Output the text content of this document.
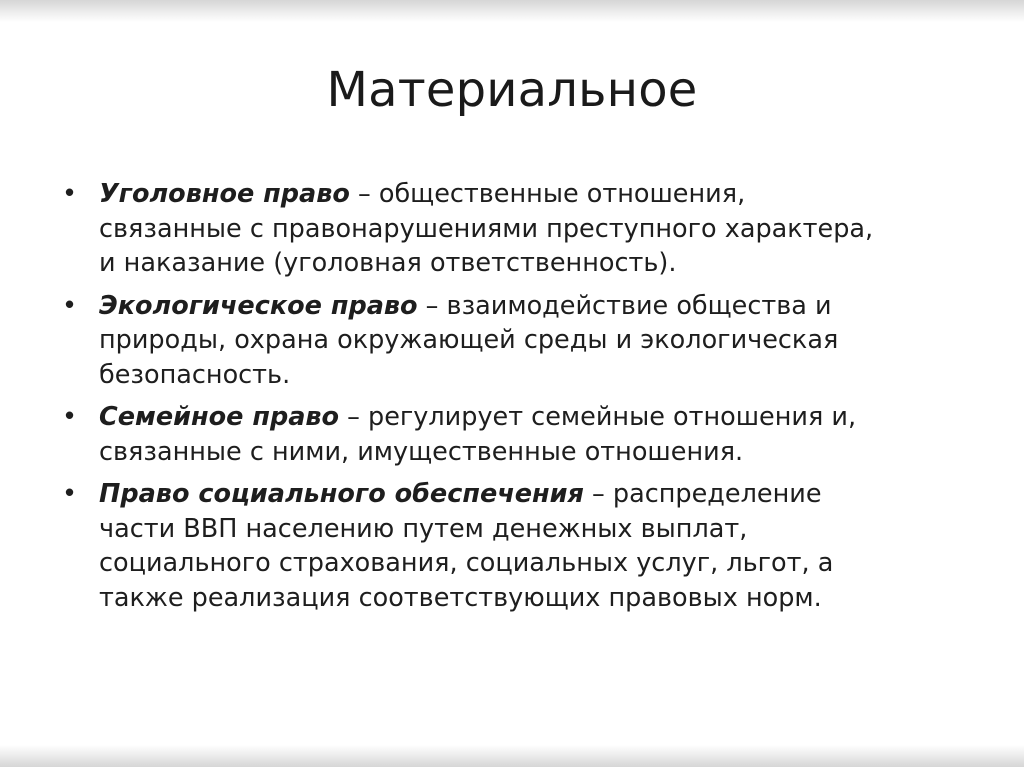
Материальное
• Уголовное право – общественные отношения,
связанные с правонарушениями преступного характера,
и наказание (уголовная ответственность).
• Экологическое право – взаимодействие общества и
природы, охрана окружающей среды и экологическая
безопасность.
• Семейное право – регулирует семейные отношения и,
связанные с ними, имущественные отношения.
• Право социального обеспечения – распределение
части ВВП населению путем денежных выплат,
социального страхования, социальных услуг, льгот, а
также реализация соответствующих правовых норм.
